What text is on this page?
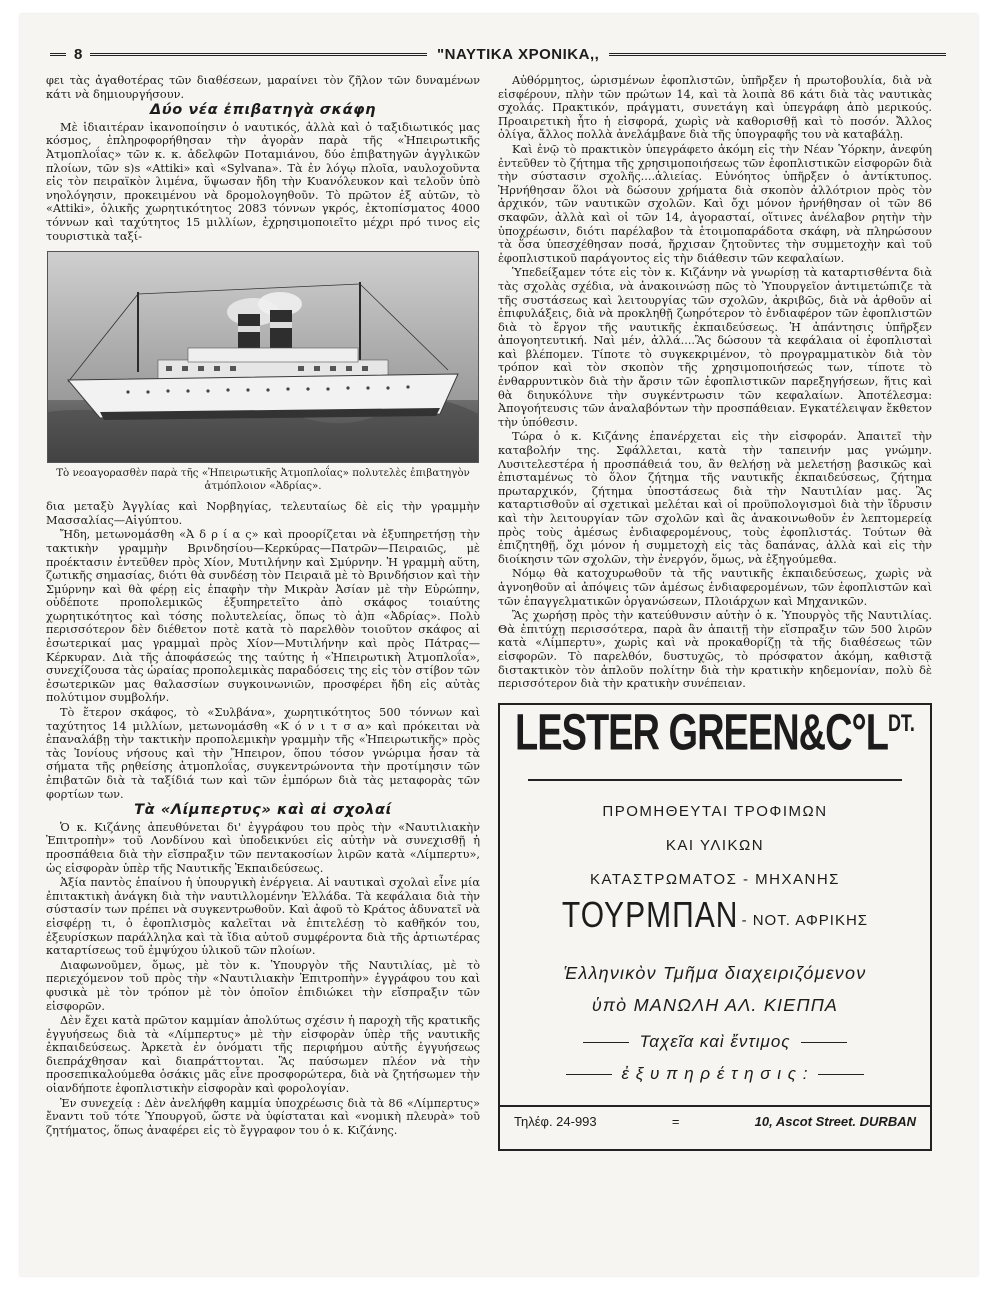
8	"ΝΑΥΤΙΚΑ ΧΡΟΝΙΚΑ,,

φει τὰς ἀγαθοτέρας τῶν διαθέσεων, μαραίνει τὸν ζῆλον τῶν δυναμένων κάτι νὰ δημιουργήσουν.

Δύο νέα ἐπιβατηγὰ σκάφη

Μὲ ἰδιαιτέραν ἱκανοποίησιν ὁ ναυτικός, ἀλλὰ καὶ ὁ ταξιδιωτικός μας κόσμος, ἐπληροφορήθησαν τὴν ἀγορὰν παρὰ τῆς «Ἠπειρωτικῆς Ἀτμοπλοΐας» τῶν κ. κ. ἀδελφῶν Ποταμιάνου, δύο ἐπιβατηγῶν ἀγγλικῶν πλοίων, τῶν s)s «Attiki» καὶ «Sylvana». Τὰ ἐν λόγῳ πλοῖα, ναυλοχοῦντα εἰς τὸν πειραϊκὸν λιμένα, ὕψωσαν ἤδη τὴν Κυανόλευκον καὶ τελοῦν ὑπὸ νηολόγησιν, προκειμένου νὰ δρομολογηθοῦν. Τὸ πρῶτον ἐξ αὐτῶν, τὸ «Attiki», ὁλικῆς χωρητικότητος 2083 τόννων γκρός, ἐκτοπίσματος 4000 τόννων καὶ ταχύτητος 15 μιλλίων, ἐχρησιμοποιεῖτο μέχρι πρό τινος εἰς τουριστικὰ ταξί-

Τὸ νεοαγορασθὲν παρὰ τῆς «Ἠπειρωτικῆς Ἀτμοπλοΐας» πολυτελὲς ἐπιβατηγὸν ἀτμόπλοιον «Ἀδρίας».

δια μεταξὺ Ἀγγλίας καὶ Νορβηγίας, τελευταίως δὲ εἰς τὴν γραμμὴν Μασσαλίας—Αἰγύπτου.

Ἤδη, μετωνομάσθη «Ἀ δ ρ ί α ς» καὶ προορίζεται νὰ ἐξυπηρετήσῃ τὴν τακτικὴν γραμμὴν Βρινδησίου—Κερκύρας—Πατρῶν—Πειραιῶς, μὲ προέκτασιν ἐντεῦθεν πρὸς Χίον, Μυτιλήνην καὶ Σμύρνην. Ἡ γραμμὴ αὕτη, ζωτικῆς σημασίας, διότι θὰ συνδέσῃ τὸν Πειραιᾶ μὲ τὸ Βρινδήσιον καὶ τὴν Σμύρνην καὶ θὰ φέρῃ εἰς ἐπαφὴν τὴν Μικρὰν Ἀσίαν μὲ τὴν Εὐρώπην, οὐδέποτε προπολεμικῶς ἐξυπηρετεῖτο ἀπὸ σκάφος τοιαύτης χωρητικότητος καὶ τόσης πολυτελείας, ὅπως τὸ ἀ)π «Ἀδρίας». Πολὺ περισσότερον δὲν διέθετον ποτὲ κατὰ τὸ παρελθὸν τοιοῦτον σκάφος αἱ ἐσωτερικαί μας γραμμαὶ πρὸς Χίον—Μυτιλήνην καὶ πρὸς Πάτρας—Κέρκυραν. Διὰ τῆς ἀποφάσεώς της ταύτης ἡ «Ἠπειρωτικὴ Ἀτμοπλοΐα», συνεχίζουσα τὰς ὡραίας προπολεμικὰς παραδόσεις της εἰς τὸν στίβον τῶν ἐσωτερικῶν μας θαλασσίων συγκοινωνιῶν, προσφέρει ἤδη εἰς αὐτὰς πολύτιμον συμβολήν.

Τὸ ἕτερον σκάφος, τὸ «Συλβάνα», χωρητικότητος 500 τόννων καὶ ταχύτητος 14 μιλλίων, μετωνομάσθη «Κ ό ν ι τ σ α» καὶ πρόκειται νὰ ἐπαναλάβῃ τὴν τακτικὴν προπολεμικὴν γραμμὴν τῆς «Ἠπειρωτικῆς» πρὸς τὰς Ἰονίους νήσους καὶ τὴν Ἤπειρον, ὅπου τόσον γνώριμα ἦσαν τὰ σήματα τῆς ρηθείσης ἀτμοπλοΐας, συγκεντρώνοντα τὴν προτίμησιν τῶν ἐπιβατῶν διὰ τὰ ταξίδιά των καὶ τῶν ἐμπόρων διὰ τὰς μεταφορὰς τῶν φορτίων των.

Τὰ «Λίμπερτυς» καὶ αἱ σχολαί

Ὁ κ. Κιζάνης ἀπευθύνεται δι' ἐγγράφου του πρὸς τὴν «Ναυτιλιακὴν Ἐπιτροπὴν» τοῦ Λονδίνου καὶ ὑποδεικνύει εἰς αὐτὴν νὰ συνεχισθῇ ἡ προσπάθεια διὰ τὴν εἴσπραξιν τῶν πεντακοσίων λιρῶν κατὰ «Λίμπερτυ», ὡς εἰσφορὰν ὑπὲρ τῆς Ναυτικῆς Ἐκπαιδεύσεως.

Ἀξία παντὸς ἐπαίνου ἡ ὑπουργικὴ ἐνέργεια. Αἱ ναυτικαὶ σχολαὶ εἶνε μία ἐπιτακτικὴ ἀνάγκη διὰ τὴν ναυτιλλομένην Ἑλλάδα. Τὰ κεφάλαια διὰ τὴν σύστασίν των πρέπει νὰ συγκεντρωθοῦν. Καὶ ἀφοῦ τὸ Κράτος ἀδυνατεῖ νὰ εἰσφέρῃ τι, ὁ ἐφοπλισμὸς καλεῖται νὰ ἐπιτελέσῃ τὸ καθῆκόν του, ἐξευρίσκων παράλληλα καὶ τὰ ἴδια αὐτοῦ συμφέροντα διὰ τῆς ἀρτιωτέρας καταρτίσεως τοῦ ἐμψύχου ὑλικοῦ τῶν πλοίων.

Διαφωνοῦμεν, ὅμως, μὲ τὸν κ. Ὑπουργὸν τῆς Ναυτιλίας, μὲ τὸ περιεχόμενον τοῦ πρὸς τὴν «Ναυτιλιακὴν Ἐπιτροπὴν» ἐγγράφου του καὶ φυσικὰ μὲ τὸν τρόπον μὲ τὸν ὁποῖον ἐπιδιώκει τὴν εἴσπραξιν τῶν εἰσφορῶν.

Δὲν ἔχει κατὰ πρῶτον καμμίαν ἀπολύτως σχέσιν ἡ παροχὴ τῆς κρατικῆς ἐγγυήσεως διὰ τὰ «Λίμπερτυς» μὲ τὴν εἰσφορὰν ὑπὲρ τῆς ναυτικῆς ἐκπαιδεύσεως. Ἀρκετὰ ἐν ὀνόματι τῆς περιφήμου αὐτῆς ἐγγυήσεως διεπράχθησαν καὶ διαπράττονται. Ἂς παύσωμεν πλέον νὰ τὴν προσεπικαλούμεθα ὁσάκις μᾶς εἶνε προσφορώτερα, διὰ νὰ ζητήσωμεν τὴν οἱανδήποτε ἐφοπλιστικὴν εἰσφορὰν καὶ φορολογίαν.

Ἐν συνεχείᾳ : Δὲν ἀνελήφθη καμμία ὑποχρέωσις διὰ τὰ 86 «Λίμπερτυς» ἔναντι τοῦ τότε Ὑπουργοῦ, ὥστε νὰ ὑφίσταται καὶ «νομικὴ πλευρὰ» τοῦ ζητήματος, ὅπως ἀναφέρει εἰς τὸ ἔγγραφον του ὁ κ. Κιζάνης.

Αὐθόρμητος, ὡρισμένων ἐφοπλιστῶν, ὑπῆρξεν ἡ πρωτοβουλία, διὰ νὰ εἰσφέρουν, πλὴν τῶν πρώτων 14, καὶ τὰ λοιπὰ 86 κάτι διὰ τὰς ναυτικὰς σχολάς. Πρακτικόν, πράγματι, συνετάγη καὶ ὑπεγράφη ἀπὸ μερικούς. Προαιρετικὴ ἦτο ἡ εἰσφορά, χωρὶς νὰ καθορισθῇ καὶ τὸ ποσόν. Ἄλλος ὀλίγα, ἄλλος πολλὰ ἀνελάμβανε διὰ τῆς ὑπογραφῆς του νὰ καταβάλῃ.

Καὶ ἐνῷ τὸ πρακτικὸν ὑπεγράφετο ἀκόμη εἰς τὴν Νέαν Ὑόρκην, ἀνεφύη ἐντεῦθεν τὸ ζήτημα τῆς χρησιμοποιήσεως τῶν ἐφοπλιστικῶν εἰσφορῶν διὰ τὴν σύστασιν σχολῆς....ἁλιείας. Εὐνόητος ὑπῆρξεν ὁ ἀντίκτυπος. Ἠρνήθησαν ὅλοι νὰ δώσουν χρήματα διὰ σκοπὸν ἀλλότριον πρὸς τὸν ἀρχικόν, τῶν ναυτικῶν σχολῶν. Καὶ ὄχι μόνον ἠρνήθησαν οἱ τῶν 86 σκαφῶν, ἀλλὰ καὶ οἱ τῶν 14, ἀγορασταί, οἵτινες ἀνέλαβον ρητὴν τὴν ὑποχρέωσιν, διότι παρέλαβον τὰ ἑτοιμοπαράδοτα σκάφη, νὰ πληρώσουν τὰ ὅσα ὑπεσχέθησαν ποσά, ἤρχισαν ζητοῦντες τὴν συμμετοχὴν καὶ τοῦ ἐφοπλιστικοῦ παράγοντος εἰς τὴν διάθεσιν τῶν κεφαλαίων.

Ὑπεδείξαμεν τότε εἰς τὸν κ. Κιζάνην νὰ γνωρίσῃ τὰ καταρτισθέντα διὰ τὰς σχολὰς σχέδια, νὰ ἀνακοινώσῃ πῶς τὸ Ὑπουργεῖον ἀντιμετώπιζε τὰ τῆς συστάσεως καὶ λειτουργίας τῶν σχολῶν, ἀκριβῶς, διὰ νὰ ἀρθοῦν αἱ ἐπιφυλάξεις, διὰ νὰ προκληθῇ ζωηρότερον τὸ ἐνδιαφέρον τῶν ἐφοπλιστῶν διὰ τὸ ἔργον τῆς ναυτικῆς ἐκπαιδεύσεως. Ἡ ἀπάντησις ὑπῆρξεν ἀπογοητευτική. Ναὶ μέν, ἀλλά....Ἂς δώσουν τὰ κεφάλαια οἱ ἐφοπλισταὶ καὶ βλέπομεν. Τίποτε τὸ συγκεκριμένον, τὸ προγραμματικὸν διὰ τὸν τρόπον καὶ τὸν σκοπὸν τῆς χρησιμοποιήσεώς των, τίποτε τὸ ἐνθαρρυντικὸν διὰ τὴν ἄρσιν τῶν ἐφοπλιστικῶν παρεξηγήσεων, ἥτις καὶ θὰ διηυκόλυνε τὴν συγκέντρωσιν τῶν κεφαλαίων. Ἀποτέλεσμα: Ἀπογοήτευσις τῶν ἀναλαβόντων τὴν προσπάθειαν. Εγκατέλειψαν ἔκθετον τὴν ὑπόθεσιν.

Τώρα ὁ κ. Κιζάνης ἐπανέρχεται εἰς τὴν εἰσφοράν. Ἀπαιτεῖ τὴν καταβολήν της. Σφάλλεται, κατὰ τὴν ταπεινήν μας γνώμην. Λυσιτελεστέρα ἡ προσπάθειά του, ἂν θελήσῃ νὰ μελετήσῃ βασικῶς καὶ ἐπισταμένως τὸ ὅλον ζήτημα τῆς ναυτικῆς ἐκπαιδεύσεως, ζήτημα πρωταρχικόν, ζήτημα ὑποστάσεως διὰ τὴν Ναυτιλίαν μας. Ἂς καταρτισθοῦν αἱ σχετικαὶ μελέται καὶ οἱ προϋπολογισμοὶ διὰ τὴν ἵδρυσιν καὶ τὴν λειτουργίαν τῶν σχολῶν καὶ ἂς ἀνακοινωθοῦν ἐν λεπτομερείᾳ πρὸς τοὺς ἀμέσως ἐνδιαφερομένους, τοὺς ἐφοπλιστάς. Τούτων θὰ ἐπιζητηθῇ, ὄχι μόνον ἡ συμμετοχὴ εἰς τὰς δαπάνας, ἀλλὰ καὶ εἰς τὴν διοίκησιν τῶν σχολῶν, τὴν ἐνεργόν, ὅμως, νὰ ἐξηγούμεθα.

Νόμῳ θὰ κατοχυρωθοῦν τὰ τῆς ναυτικῆς ἐκπαιδεύσεως, χωρὶς νὰ ἀγνοηθοῦν αἱ ἀπόψεις τῶν ἀμέσως ἐνδιαφερομένων, τῶν ἐφοπλιστῶν καὶ τῶν ἐπαγγελματικῶν ὀργανώσεων, Πλοιάρχων καὶ Μηχανικῶν.

Ἂς χωρήσῃ πρὸς τὴν κατεύθυνσιν αὐτὴν ὁ κ. Ὑπουργὸς τῆς Ναυτιλίας. Θὰ ἐπιτύχῃ περισσότερα, παρὰ ἂν ἀπαιτῇ τὴν εἴσπραξιν τῶν 500 λιρῶν κατὰ «Λίμπερτυ», χωρὶς καὶ νὰ προκαθορίζῃ τὰ τῆς διαθέσεως τῶν εἰσφορῶν. Τὸ παρελθόν, δυστυχῶς, τὸ πρόσφατον ἀκόμη, καθιστᾷ διστακτικὸν τὸν ἁπλοῦν πολίτην διὰ τὴν κρατικὴν κηδεμονίαν, πολὺ δὲ περισσότερον διὰ τὴν κρατικὴν συνέπειαν.

LESTER $GREEN\&C^\circ L^{DT.}$
ΠΡΟΜΗΘΕΥΤΑΙ ΤΡΟΦΙΜΩΝ
ΚΑΙ ΥΛΙΚΩΝ
ΚΑΤΑΣΤΡΩΜΑΤΟΣ - ΜΗΧΑΝΗΣ
ΤΟΥΡΜΠΑΝ - ΝΟΤ. ΑΦΡΙΚΗΣ
Ἑλληνικὸν Τμῆμα διαχειριζόμενον
ὑπὸ ΜΑΝΩΛΗ ΑΛ. ΚΙΕΠΠΑ
Ταχεῖα καὶ ἔντιμος
ἐ ξ υ π η ρ έ τ η σ ι ς :
Τηλέφ. 24-993	=	10, Ascot Street. DURBAN
